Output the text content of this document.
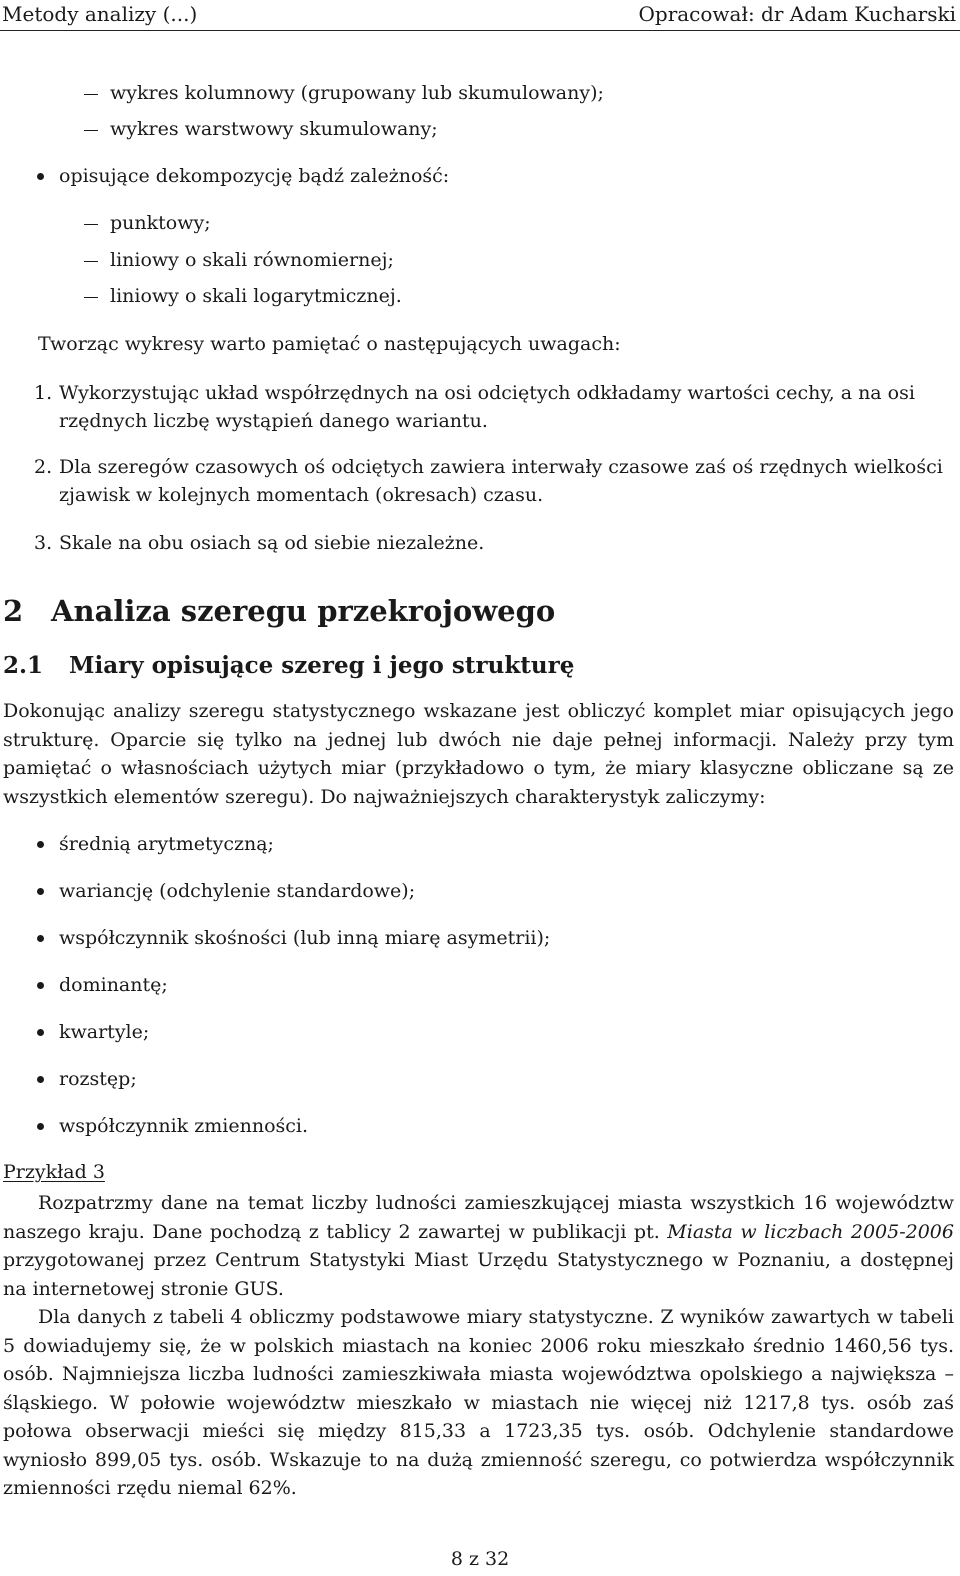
Metody analizy (...)	Opracował: dr Adam Kucharski
wykres kolumnowy (grupowany lub skumulowany);
wykres warstwowy skumulowany;
opisujące dekompozycję bądź zależność:
punktowy;
liniowy o skali równomiernej;
liniowy o skali logarytmicznej.
Tworząc wykresy warto pamiętać o następujących uwagach:
1. Wykorzystując układ współrzędnych na osi odciętych odkładamy wartości cechy, a na osi
rzędnych liczbę wystąpień danego wariantu.
2. Dla szeregów czasowych oś odciętych zawiera interwały czasowe zaś oś rzędnych wielkości
zjawisk w kolejnych momentach (okresach) czasu.
3. Skale na obu osiach są od siebie niezależne.
2 Analiza szeregu przekrojowego
2.1 Miary opisujące szereg i jego strukturę
Dokonując analizy szeregu statystycznego wskazane jest obliczyć komplet miar opisujących jego strukturę. Oparcie się tylko na jednej lub dwóch nie daje pełnej informacji. Należy przy tym pamiętać o własnościach użytych miar (przykładowo o tym, że miary klasyczne obliczane są ze wszystkich elementów szeregu). Do najważniejszych charakterystyk zaliczymy:
średnią arytmetyczną;
wariancję (odchylenie standardowe);
współczynnik skośności (lub inną miarę asymetrii);
dominantę;
kwartyle;
rozstęp;
współczynnik zmienności.
Przykład 3
Rozpatrzmy dane na temat liczby ludności zamieszkującej miasta wszystkich 16 województw naszego kraju. Dane pochodzą z tablicy 2 zawartej w publikacji pt. Miasta w liczbach 2005-2006 przygotowanej przez Centrum Statystyki Miast Urzędu Statystycznego w Poznaniu, a dostępnej na internetowej stronie GUS.
Dla danych z tabeli 4 obliczmy podstawowe miary statystyczne. Z wyników zawartych w tabeli 5 dowiadujemy się, że w polskich miastach na koniec 2006 roku mieszkało średnio 1460,56 tys. osób. Najmniejsza liczba ludności zamieszkiwała miasta województwa opolskiego a największa – śląskiego. W połowie województw mieszkało w miastach nie więcej niż 1217,8 tys. osób zaś połowa obserwacji mieści się między 815,33 a 1723,35 tys. osób. Odchylenie standardowe wyniosło 899,05 tys. osób. Wskazuje to na dużą zmienność szeregu, co potwierdza współczynnik zmienności rzędu niemal 62%.
8 z 32
